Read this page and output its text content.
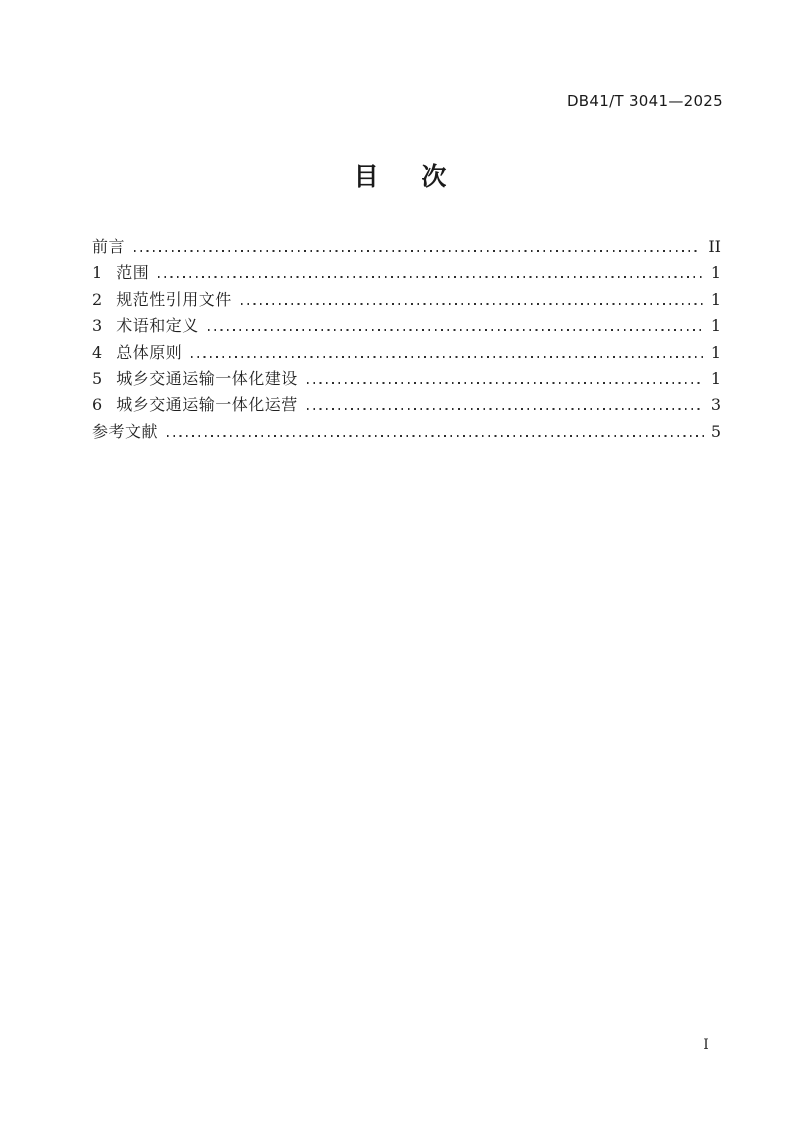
DB41/T 3041—2025
目 次
前言	II
1 范围	1
2 规范性引用文件	1
3 术语和定义	1
4 总体原则	1
5 城乡交通运输一体化建设	1
6 城乡交通运输一体化运营	3
参考文献	5
I
